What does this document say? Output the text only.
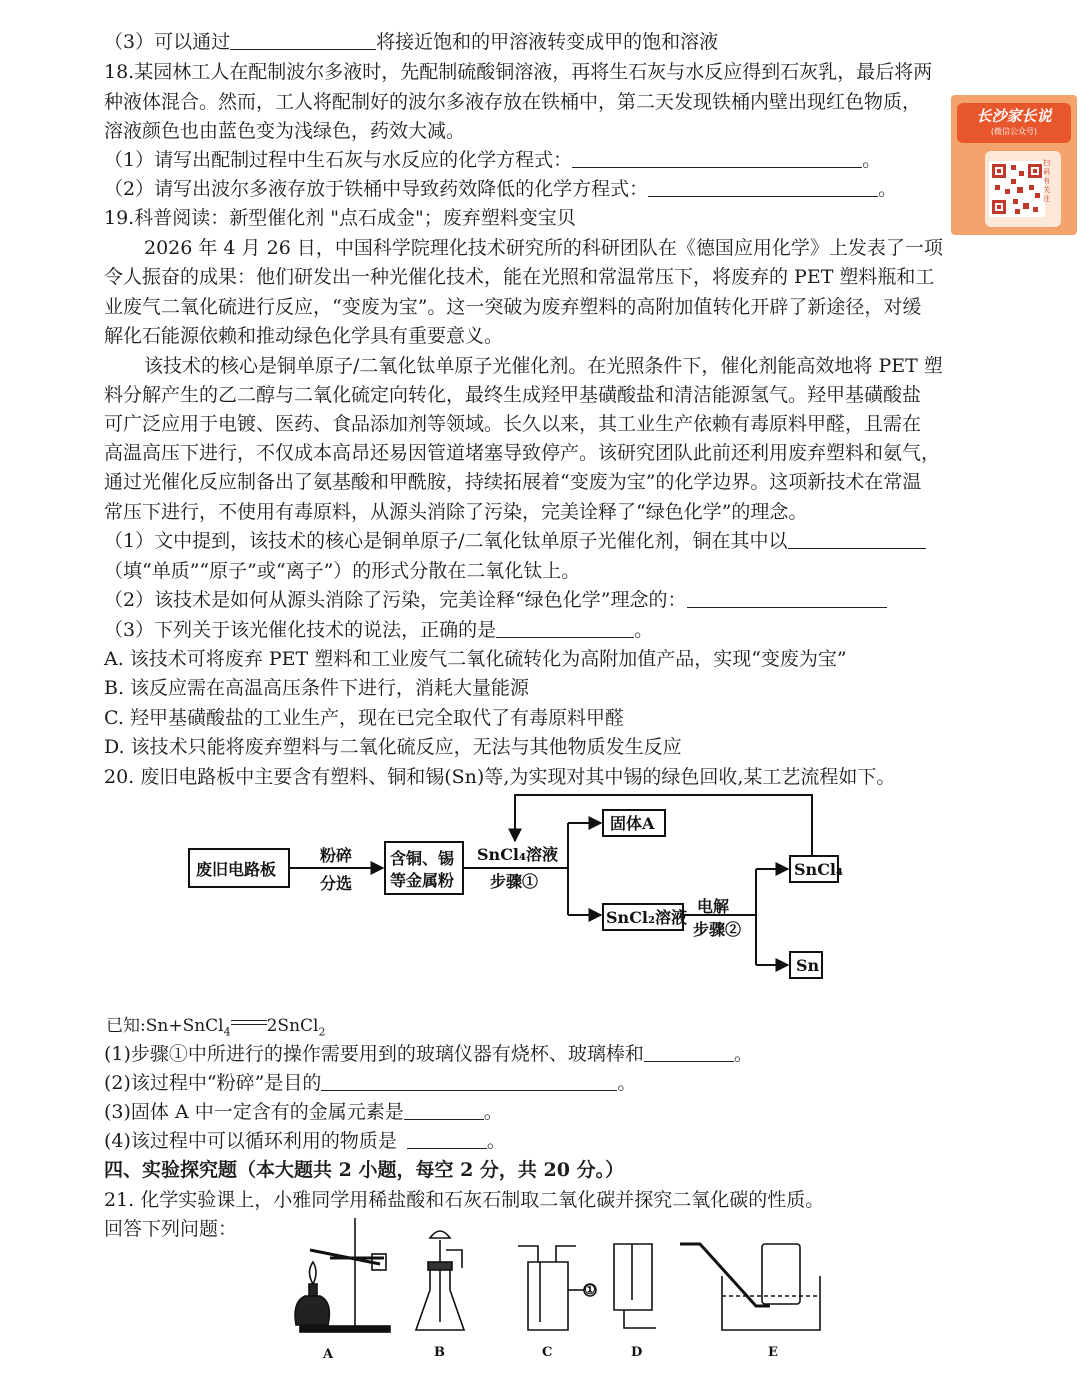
（3）可以通过	将接近饱和的甲溶液转变成甲的饱和溶液
18.某园林工人在配制波尔多液时，先配制硫酸铜溶液，再将生石灰与水反应得到石灰乳，最后将两
种液体混合。然而，工人将配制好的波尔多液存放在铁桶中，第二天发现铁桶内壁出现红色物质，
溶液颜色也由蓝色变为浅绿色，药效大减。
（1）请写出配制过程中生石灰与水反应的化学方程式：	。
（2）请写出波尔多液存放于铁桶中导致药效降低的化学方程式：	。
19.科普阅读：新型催化剂 "点石成金"；废弃塑料变宝贝
2026 年 4 月 26 日，中国科学院理化技术研究所的科研团队在《德国应用化学》上发表了一项
令人振奋的成果：他们研发出一种光催化技术，能在光照和常温常压下，将废弃的 PET 塑料瓶和工
业废气二氧化硫进行反应，“变废为宝”。这一突破为废弃塑料的高附加值转化开辟了新途径，对缓
解化石能源依赖和推动绿色化学具有重要意义。
该技术的核心是铜单原子/二氧化钛单原子光催化剂。在光照条件下，催化剂能高效地将 PET 塑
料分解产生的乙二醇与二氧化硫定向转化，最终生成羟甲基磺酸盐和清洁能源氢气。羟甲基磺酸盐
可广泛应用于电镀、医药、食品添加剂等领域。长久以来，其工业生产依赖有毒原料甲醛，且需在
高温高压下进行，不仅成本高昂还易因管道堵塞导致停产。该研究团队此前还利用废弃塑料和氨气，
通过光催化反应制备出了氨基酸和甲酰胺，持续拓展着“变废为宝”的化学边界。这项新技术在常温
常压下进行，不使用有毒原料，从源头消除了污染，完美诠释了“绿色化学”的理念。
（1）文中提到，该技术的核心是铜单原子/二氧化钛单原子光催化剂，铜在其中以
（填“单质”“原子”或“离子”）的形式分散在二氧化钛上。
（2）该技术是如何从源头消除了污染，完美诠释“绿色化学”理念的：
（3）下列关于该光催化技术的说法，正确的是	。
A. 该技术可将废弃 PET 塑料和工业废气二氧化硫转化为高附加值产品，实现“变废为宝”
B. 该反应需在高温高压条件下进行，消耗大量能源
C. 羟甲基磺酸盐的工业生产，现在已完全取代了有毒原料甲醛
D. 该技术只能将废弃塑料与二氧化硫反应，无法与其他物质发生反应
20. 废旧电路板中主要含有塑料、铜和锡(Sn)等,为实现对其中锡的绿色回收,某工艺流程如下。
废旧电路板
粉碎
分选
含铜、锡
等金属粉
SnCl₄溶液
步骤①
固体A
SnCl₂溶液
电解
步骤②
SnCl₄
Sn
已知:Sn+SnCl$_4$ 2SnCl$_2$
(1)步骤①中所进行的操作需要用到的玻璃仪器有烧杯、玻璃棒和	。
(2)该过程中“粉碎”是目的	。
(3)固体 A 中一定含有的金属元素是	。
(4)该过程中可以循环利用的物质是	。
四、实验探究题（本大题共 2 小题，每空 2 分，共 20 分。）
21. 化学实验课上，小雅同学用稀盐酸和石灰石制取二氧化碳并探究二氧化碳的性质。
回答下列问题：
①
A	B	C	D	E
长沙家长说
(微信公众号)
扫码有关注
